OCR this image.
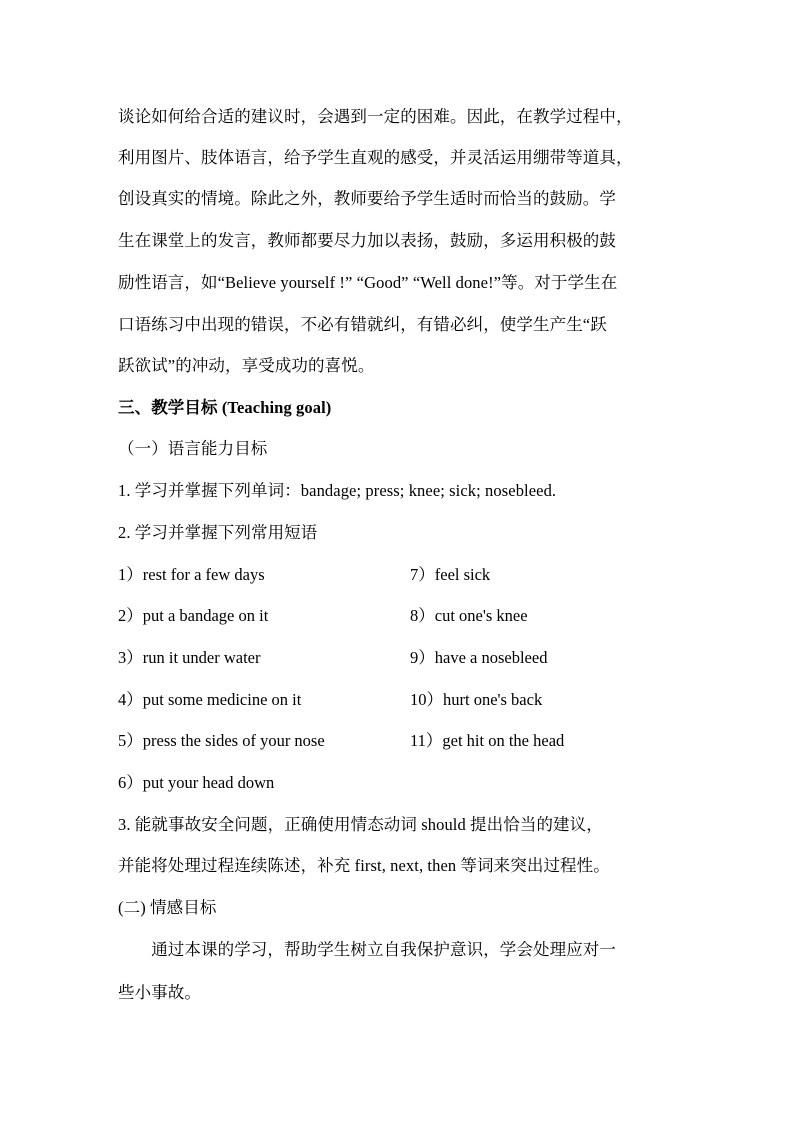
谈论如何给合适的建议时，会遇到一定的困难。因此，在教学过程中，
利用图片、肢体语言，给予学生直观的感受，并灵活运用绷带等道具，
创设真实的情境。除此之外，教师要给予学生适时而恰当的鼓励。学
生在课堂上的发言，教师都要尽力加以表扬，鼓励，多运用积极的鼓
励性语言，如“Believe yourself !” “Good” “Well done!”等。对于学生在
口语练习中出现的错误，不必有错就纠，有错必纠，使学生产生“跃
跃欲试”的冲动，享受成功的喜悦。
三、教学目标 (Teaching goal)
（一）语言能力目标
1. 学习并掌握下列单词：bandage; press; knee; sick; nosebleed.
2. 学习并掌握下列常用短语
1）rest for a few days	7）feel sick
2）put a bandage on it	8）cut one's knee
3）run it under water	9）have a nosebleed
4）put some medicine on it	10）hurt one's back
5）press the sides of your nose	11）get hit on the head
6）put your head down
3. 能就事故安全问题，正确使用情态动词 should 提出恰当的建议，
并能将处理过程连续陈述，补充 first, next, then 等词来突出过程性。
(二) 情感目标
　　通过本课的学习，帮助学生树立自我保护意识，学会处理应对一
些小事故。
